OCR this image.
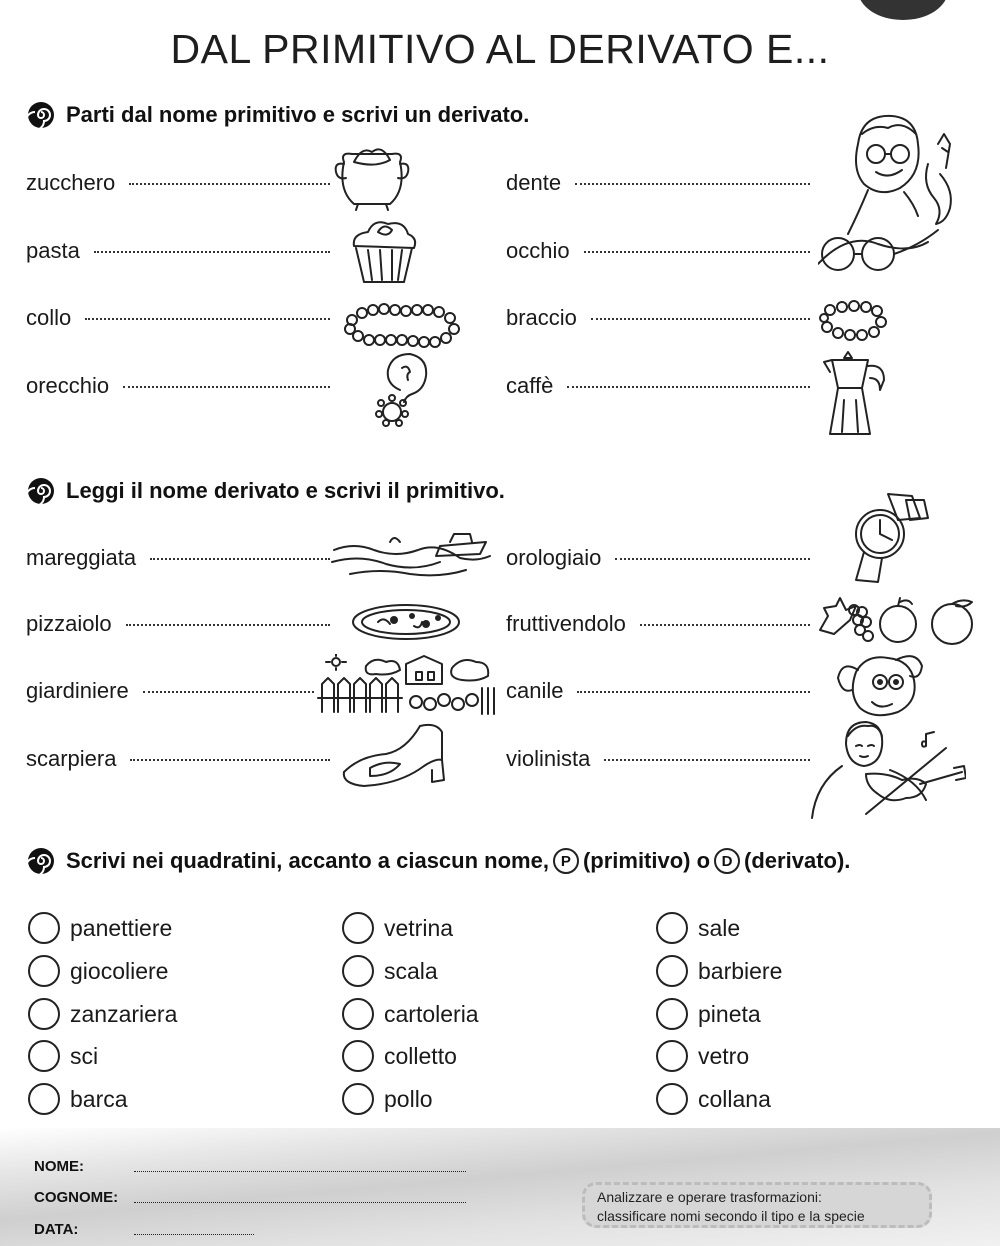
DAL PRIMITIVO AL DERIVATO E...
Parti dal nome primitivo e scrivi un derivato.
zucchero
pasta
collo
orecchio
dente
occhio
braccio
caffè
Leggi il nome derivato e scrivi il primitivo.
mareggiata
pizzaiolo
giardiniere
scarpiera
orologiaio
fruttivendolo
canile
violinista
Scrivi nei quadratini, accanto a ciascun nome, P (primitivo) o D (derivato).
panettiere
giocoliere
zanzariera
sci
barca
vetrina
scala
cartoleria
colletto
pollo
sale
barbiere
pineta
vetro
collana
NOME:
COGNOME:
DATA:
Analizzare e operare trasformazioni:
classificare nomi secondo il tipo e la specie
